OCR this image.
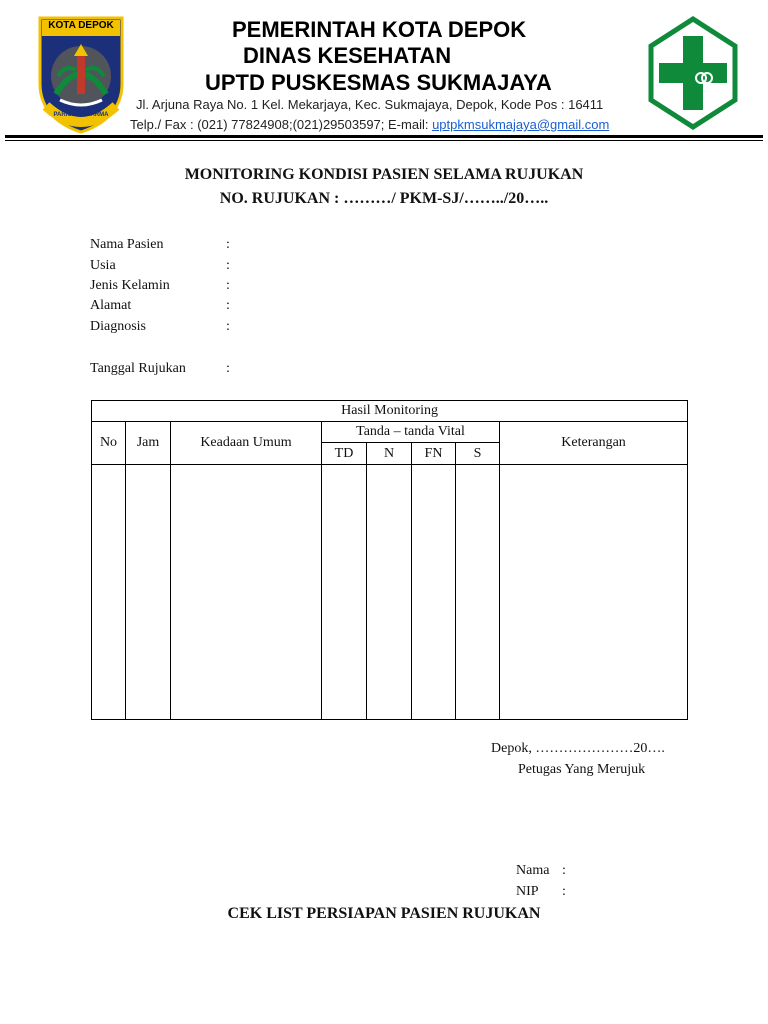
KOTA DEPOK
PARICARA DARMA
PEMERINTAH KOTA DEPOK
DINAS KESEHATAN
UPTD PUSKESMAS SUKMAJAYA
Jl. Arjuna Raya No. 1 Kel. Mekarjaya, Kec. Sukmajaya, Depok, Kode Pos : 16411
Telp./ Fax : (021) 77824908;(021)29503597; E-mail: uptpkmsukmajaya@gmail.com
MONITORING KONDISI PASIEN SELAMA RUJUKAN
NO. RUJUKAN : ………/ PKM-SJ/……../20…..
Nama Pasien	:
Usia	:
Jenis Kelamin	:
Alamat	:
Diagnosis	:
Tanggal Rujukan	:
Hasil Monitoring							
No	Jam	Keadaan Umum	Tanda – tanda Vital				Keterangan
			TD	N	FN	S	

Depok, …………………20….
Petugas Yang Merujuk
Nama :
NIP :
CEK LIST PERSIAPAN PASIEN RUJUKAN
